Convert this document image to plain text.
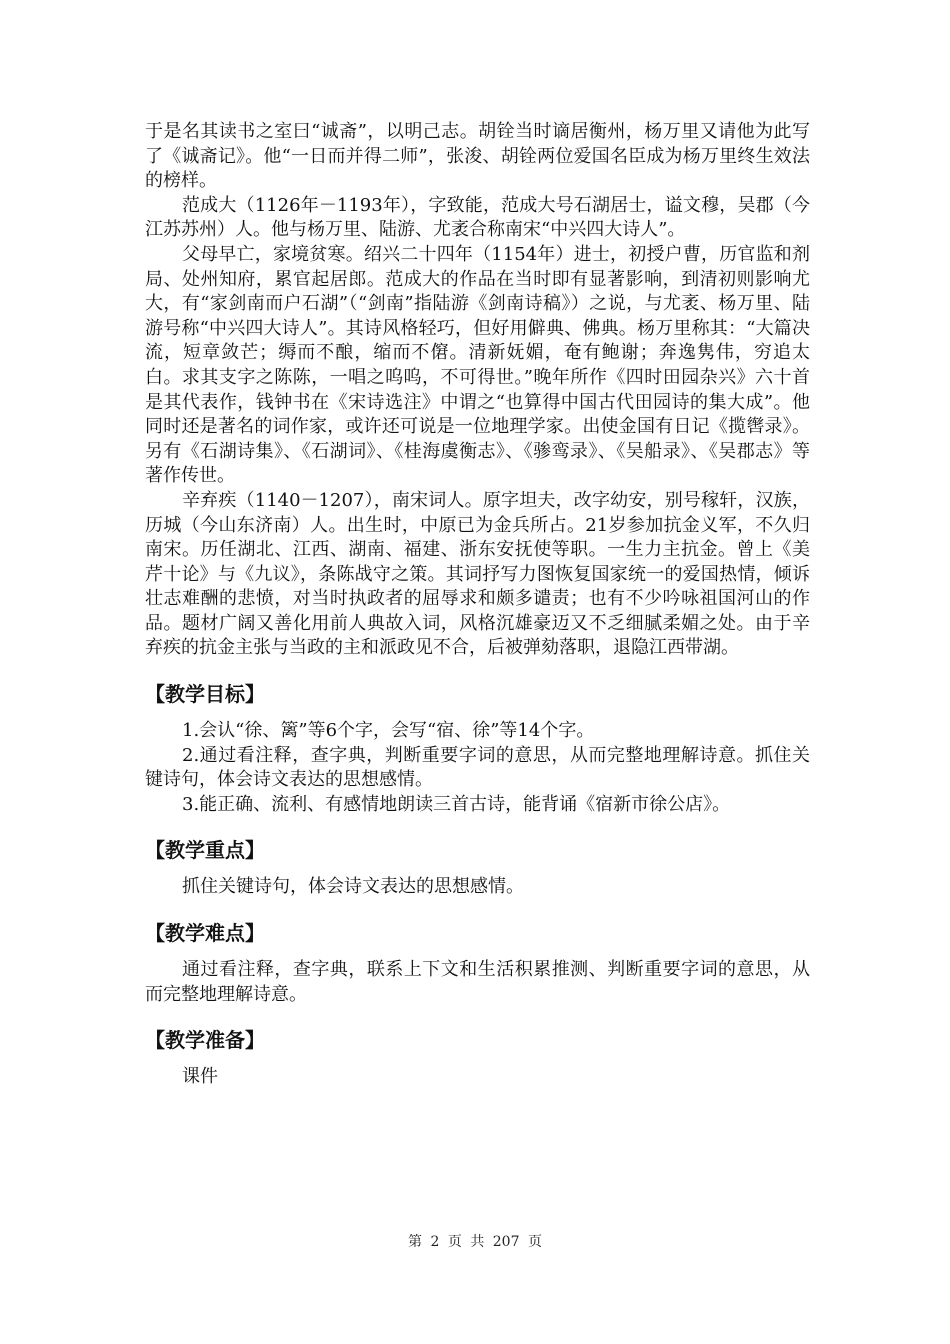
于是名其读书之室曰“诚斋”，以明己志。胡铨当时谪居衡州，杨万里又请他为此写了《诚斋记》。他“一日而并得二师”，张浚、胡铨两位爱国名臣成为杨万里终生效法的榜样。

范成大（1126年－1193年），字致能，范成大号石湖居士，谥文穆，吴郡（今江苏苏州）人。他与杨万里、陆游、尤袤合称南宋“中兴四大诗人”。

父母早亡，家境贫寒。绍兴二十四年（1154年）进士，初授户曹，历官监和剂局、处州知府，累官起居郎。范成大的作品在当时即有显著影响，到清初则影响尤大，有“家剑南而户石湖”（“剑南”指陆游《剑南诗稿》）之说，与尤袤、杨万里、陆游号称“中兴四大诗人”。其诗风格轻巧，但好用僻典、佛典。杨万里称其：“大篇决流，短章敛芒；缛而不酿，缩而不僒。清新妩媚，奄有鲍谢；奔逸隽伟，穷追太白。求其支字之陈陈，一唱之呜呜，不可得世。”晚年所作《四时田园杂兴》六十首是其代表作，钱钟书在《宋诗选注》中谓之“也算得中国古代田园诗的集大成”。他同时还是著名的词作家，或许还可说是一位地理学家。出使金国有日记《揽辔录》。另有《石湖诗集》、《石湖词》、《桂海虞衡志》、《骖鸾录》、《吴船录》、《吴郡志》等著作传世。

辛弃疾（1140－1207），南宋词人。原字坦夫，改字幼安，别号稼轩，汉族，历城（今山东济南）人。出生时，中原已为金兵所占。21岁参加抗金义军，不久归南宋。历任湖北、江西、湖南、福建、浙东安抚使等职。一生力主抗金。曾上《美芹十论》与《九议》，条陈战守之策。其词抒写力图恢复国家统一的爱国热情，倾诉壮志难酬的悲愤，对当时执政者的屈辱求和颇多谴责；也有不少吟咏祖国河山的作品。题材广阔又善化用前人典故入词，风格沉雄豪迈又不乏细腻柔媚之处。由于辛弃疾的抗金主张与当政的主和派政见不合，后被弹劾落职，退隐江西带湖。

【教学目标】

1.会认“徐、篱”等6个字，会写“宿、徐”等14个字。

2.通过看注释，查字典，判断重要字词的意思，从而完整地理解诗意。抓住关键诗句，体会诗文表达的思想感情。

3.能正确、流利、有感情地朗读三首古诗，能背诵《宿新市徐公店》。

【教学重点】

抓住关键诗句，体会诗文表达的思想感情。

【教学难点】

通过看注释，查字典，联系上下文和生活积累推测、判断重要字词的意思，从而完整地理解诗意。

【教学准备】

课件

第 2 页 共 207 页
